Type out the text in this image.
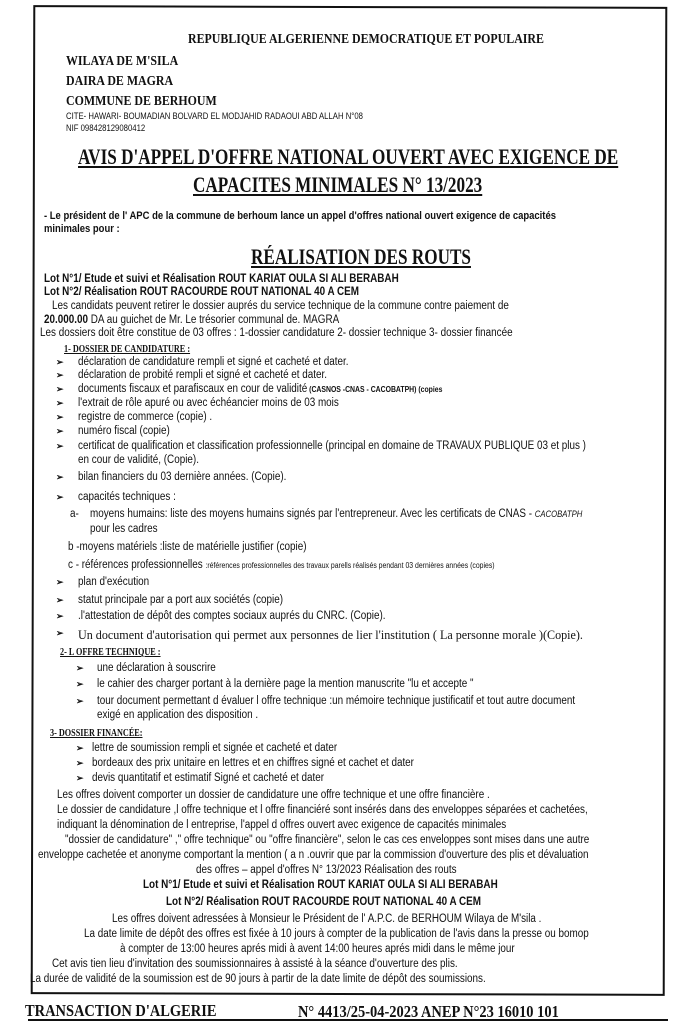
REPUBLIQUE ALGERIENNE DEMOCRATIQUE ET POPULAIRE
WILAYA DE M'SILA
DAIRA DE MAGRA
COMMUNE DE BERHOUM
CITE- HAWARI- BOUMADIAN BOLVARD EL MODJAHID RADAOUI ABD ALLAH N°08
NIF 098428129080412
AVIS D'APPEL D'OFFRE NATIONAL OUVERT AVEC EXIGENCE DE
CAPACITES MINIMALES N° 13/2023
- Le président de l' APC de la commune de berhoum lance un appel d'offres national ouvert exigence de capacités
minimales pour :
RÉALISATION DES ROUTS
Lot N°1/ Etude et suivi et Réalisation ROUT KARIAT OULA SI ALI BERABAH
Lot N°2/ Réalisation ROUT RACOURDE ROUT NATIONAL 40 A CEM
Les candidats peuvent retirer le dossier auprés du service technique de la commune contre paiement de
20.000.00 DA au guichet de Mr. Le trésorier communal de. MAGRA
Les dossiers doit être constitue de 03 offres : 1-dossier candidature 2- dossier technique 3- dossier financée
1- DOSSIER DE CANDIDATURE :
➢ déclaration de candidature rempli et signé et cacheté et dater.
➢ déclaration de probité rempli et signé et cacheté et dater.
➢ documents fiscaux et parafiscaux en cour de validité (CASNOS -CNAS - CACOBATPH) (copies
➢ l'extrait de rôle apuré ou avec échéancier moins de 03 mois
➢ registre de commerce (copie) .
➢ numéro fiscal (copie)
➢ certificat de qualification et classification professionnelle (principal en domaine de TRAVAUX PUBLIQUE 03 et plus )
en cour de validité, (Copie).
➢ bilan financiers du 03 dernière années. (Copie).
➢ capacités techniques :
➢ plan d'exécution
➢ statut principale par a port aux sociétés (copie)
➢ .l'attestation de dépôt des comptes sociaux auprés du CNRC. (Copie).
➢ Un document d'autorisation qui permet aux personnes de lier l'institution ( La personne morale )(Copie).
a- moyens humains: liste des moyens humains signés par l'entrepreneur. Avec les certificats de CNAS - CACOBATPH
pour les cadres
b -moyens matériels :liste de matérielle justifier (copie)
c - références professionnelles :références professionnelles des travaux parells réalisés pendant 03 dernières années (copies)
2- L OFFRE TECHNIQUE :
3- DOSSIER FINANCÉE:
➢ une déclaration à souscrire
➢ le cahier des charger portant à la dernière page la mention manuscrite "lu et accepte "
➢ tour document permettant d évaluer l offre technique :un mémoire technique justificatif et tout autre document
exigé en application des disposition .
➢ lettre de soumission rempli et signée et cacheté et dater
➢ bordeaux des prix unitaire en lettres et en chiffres signé et cachet et dater
➢ devis quantitatif et estimatif Signé et cacheté et dater
Les offres doivent comporter un dossier de candidature une offre technique et une offre financière .
Le dossier de candidature ,l offre technique et l offre financiéré sont insérés dans des enveloppes séparées et cachetées,
indiquant la dénomination de l entreprise, l'appel d offres ouvert avec exigence de capacités minimales
"dossier de candidature" ," offre technique" ou "offre financière", selon le cas ces enveloppes sont mises dans une autre
enveloppe cachetée et anonyme comportant la mention ( a n .ouvrir que par la commission d'ouverture des plis et dévaluation
des offres – appel d'offres N° 13/2023 Réalisation des routs
Les offres doivent adressées à Monsieur le Président de l' A.P.C. de BERHOUM Wilaya de M'sila .
La date limite de dépôt des offres est fixée à 10 jours à compter de la publication de l'avis dans la presse ou bomop
à compter de 13:00 heures aprés midi à avent 14:00 heures aprés midi dans le même jour
Cet avis tien lieu d'invitation des soumissionnaires à assisté à la séance d'ouverture des plis.
La durée de validité de la soumission est de 90 jours à partir de la date limite de dépôt des soumissions.
Lot N°1/ Etude et suivi et Réalisation ROUT KARIAT OULA SI ALI BERABAH
Lot N°2/ Réalisation ROUT RACOURDE ROUT NATIONAL 40 A CEM
TRANSACTION D'ALGERIE	N° 4413/25-04-2023 ANEP N°23 16010 101
